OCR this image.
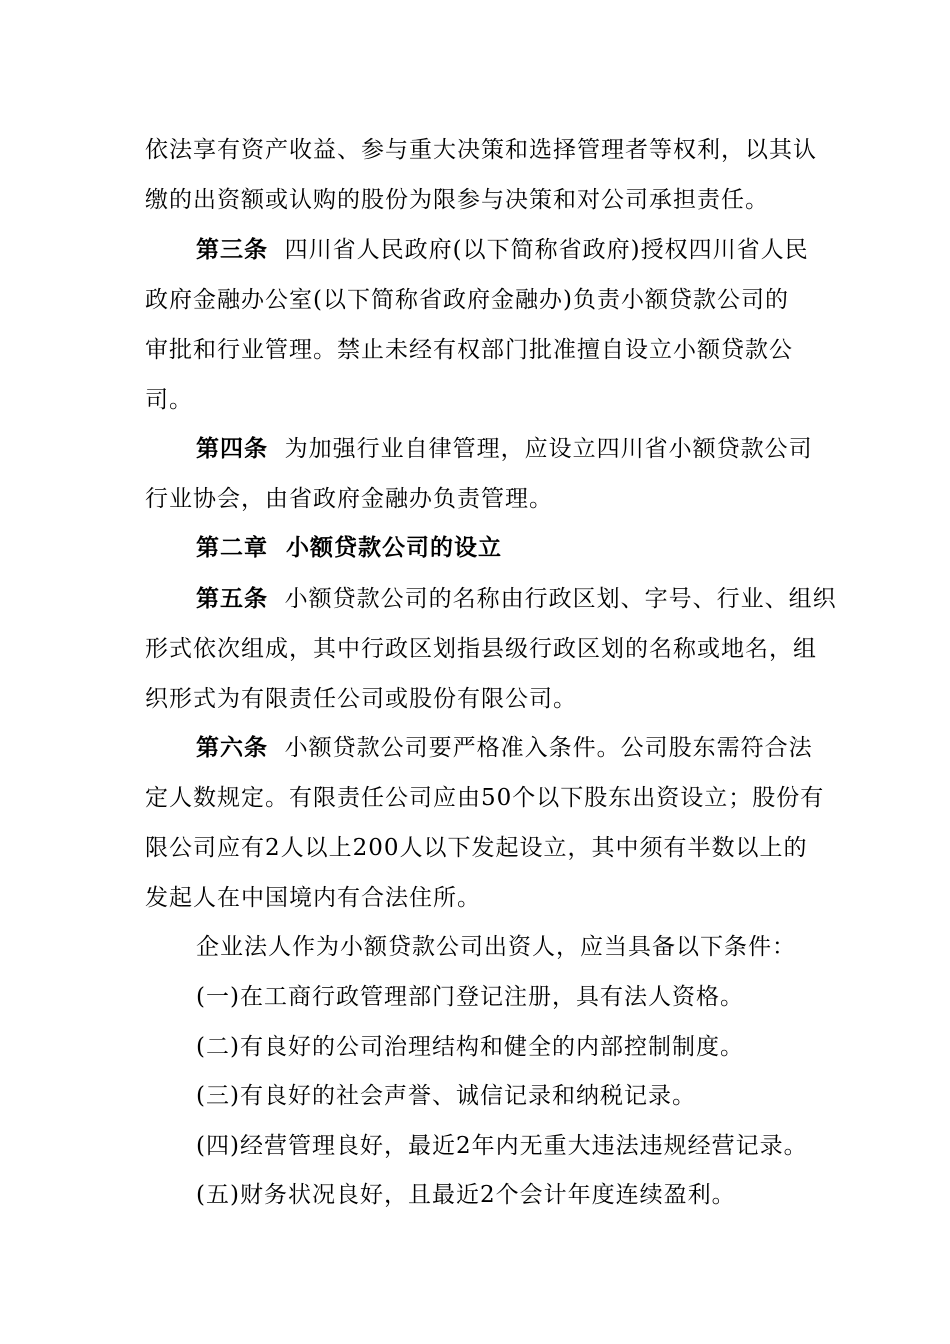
依法享有资产收益、参与重大决策和选择管理者等权利，以其认
缴的出资额或认购的股份为限参与决策和对公司承担责任。
第三条 四川省人民政府(以下简称省政府)授权四川省人民
政府金融办公室(以下简称省政府金融办)负责小额贷款公司的
审批和行业管理。禁止未经有权部门批准擅自设立小额贷款公
司。
第四条 为加强行业自律管理，应设立四川省小额贷款公司
行业协会，由省政府金融办负责管理。
第二章  小额贷款公司的设立
第五条 小额贷款公司的名称由行政区划、字号、行业、组织
形式依次组成，其中行政区划指县级行政区划的名称或地名，组
织形式为有限责任公司或股份有限公司。
第六条 小额贷款公司要严格准入条件。公司股东需符合法
定人数规定。有限责任公司应由50个以下股东出资设立；股份有
限公司应有2人以上200人以下发起设立，其中须有半数以上的
发起人在中国境内有合法住所。
企业法人作为小额贷款公司出资人，应当具备以下条件：
(一)在工商行政管理部门登记注册，具有法人资格。
(二)有良好的公司治理结构和健全的内部控制制度。
(三)有良好的社会声誉、诚信记录和纳税记录。
(四)经营管理良好，最近2年内无重大违法违规经营记录。
(五)财务状况良好，且最近2个会计年度连续盈利。
